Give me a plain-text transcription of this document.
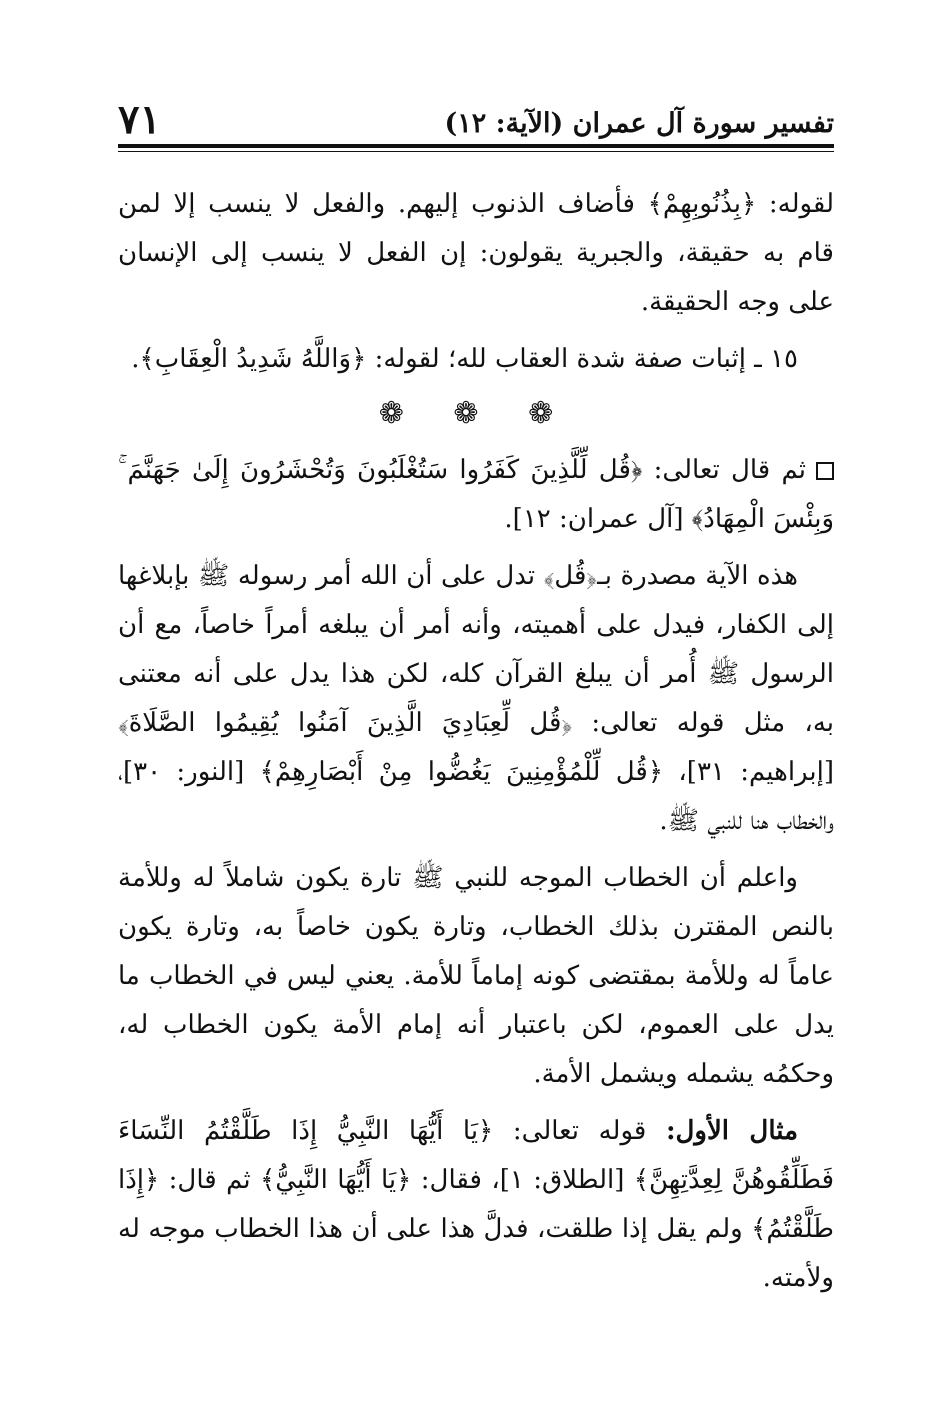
تفسير سورة آل عمران (الآية: ١٢)
٧١

لقوله: ﴿بِذُنُوبِهِمْ﴾ فأضاف الذنوب إليهم. والفعل لا ينسب إلا لمن قام به حقيقة، والجبرية يقولون: إن الفعل لا ينسب إلى الإنسان على وجه الحقيقة.

١٥ ـ إثبات صفة شدة العقاب لله؛ لقوله: ﴿وَاللَّهُ شَدِيدُ الْعِقَابِ﴾.

❁ ❁ ❁

ثم قال تعالى: ﴿قُل لِّلَّذِينَ كَفَرُوا سَتُغْلَبُونَ وَتُحْشَرُونَ إِلَىٰ جَهَنَّمَ ۚ وَبِئْسَ الْمِهَادُ﴾ [آل عمران: ١٢].

هذه الآية مصدرة بـ﴿قُل﴾ تدل على أن الله أمر رسوله ﷺ بإبلاغها إلى الكفار، فيدل على أهميته، وأنه أمر أن يبلغه أمراً خاصاً، مع أن الرسول ﷺ أُمر أن يبلغ القرآن كله، لكن هذا يدل على أنه معتنى به، مثل قوله تعالى: ﴿قُل لِّعِبَادِيَ الَّذِينَ آمَنُوا يُقِيمُوا الصَّلَاةَ﴾ [إبراهيم: ٣١]، ﴿قُل لِّلْمُؤْمِنِينَ يَغُضُّوا مِنْ أَبْصَارِهِمْ﴾ [النور: ٣٠]، والخطاب هنا للنبي ﷺ.

واعلم أن الخطاب الموجه للنبي ﷺ تارة يكون شاملاً له وللأمة بالنص المقترن بذلك الخطاب، وتارة يكون خاصاً به، وتارة يكون عاماً له وللأمة بمقتضى كونه إماماً للأمة. يعني ليس في الخطاب ما يدل على العموم، لكن باعتبار أنه إمام الأمة يكون الخطاب له، وحكمُه يشمله ويشمل الأمة.

مثال الأول: قوله تعالى: ﴿يَا أَيُّهَا النَّبِيُّ إِذَا طَلَّقْتُمُ النِّسَاءَ فَطَلِّقُوهُنَّ لِعِدَّتِهِنَّ﴾ [الطلاق: ١]، فقال: ﴿يَا أَيُّهَا النَّبِيُّ﴾ ثم قال: ﴿إِذَا طَلَّقْتُمُ﴾ ولم يقل إذا طلقت، فدلَّ هذا على أن هذا الخطاب موجه له ولأمته.
